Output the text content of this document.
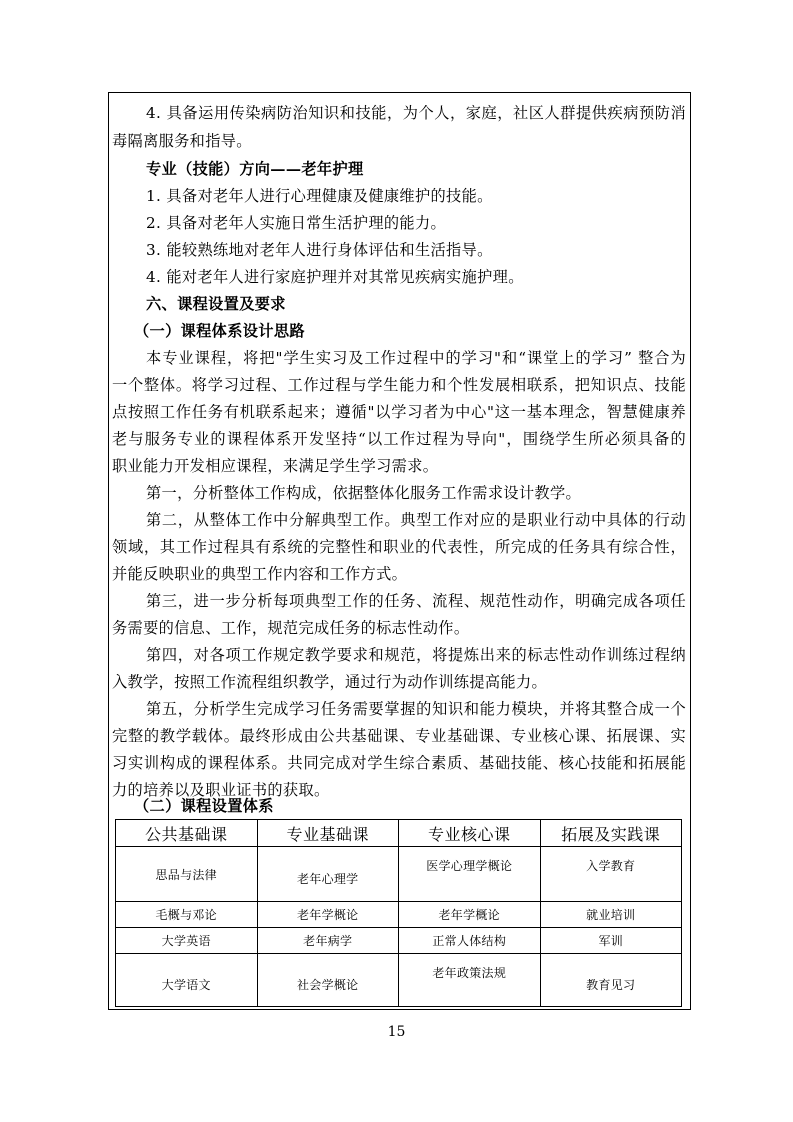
4. 具备运用传染病防治知识和技能，为个人，家庭，社区人群提供疾病预防消
毒隔离服务和指导。
专业（技能）方向——老年护理
1. 具备对老年人进行心理健康及健康维护的技能。
2. 具备对老年人实施日常生活护理的能力。
3. 能较熟练地对老年人进行身体评估和生活指导。
4. 能对老年人进行家庭护理并对其常见疾病实施护理。
六、课程设置及要求
（一）课程体系设计思路
本专业课程，将把"学生实习及工作过程中的学习"和“课堂上的学习” 整合为
一个整体。将学习过程、工作过程与学生能力和个性发展相联系，把知识点、技能
点按照工作任务有机联系起来；遵循"以学习者为中心"这一基本理念，智慧健康养
老与服务专业的课程体系开发坚持“以工作过程为导向"，围绕学生所必须具备的
职业能力开发相应课程，来满足学生学习需求。
第一，分析整体工作构成，依据整体化服务工作需求设计教学。
第二，从整体工作中分解典型工作。典型工作对应的是职业行动中具体的行动
领域，其工作过程具有系统的完整性和职业的代表性，所完成的任务具有综合性，
并能反映职业的典型工作内容和工作方式。
第三，进一步分析每项典型工作的任务、流程、规范性动作，明确完成各项任
务需要的信息、工作，规范完成任务的标志性动作。
第四，对各项工作规定教学要求和规范，将提炼出来的标志性动作训练过程纳
入教学，按照工作流程组织教学，通过行为动作训练提高能力。
第五，分析学生完成学习任务需要掌握的知识和能力模块，并将其整合成一个
完整的教学载体。最终形成由公共基础课、专业基础课、专业核心课、拓展课、实
习实训构成的课程体系。共同完成对学生综合素质、基础技能、核心技能和拓展能
力的培养以及职业证书的获取。
（二）课程设置体系
公共基础课	专业基础课	专业核心课	拓展及实践课
思品与法律	老年心理学	医学心理学概论	入学教育
毛概与邓论	老年学概论	老年学概论	就业培训
大学英语	老年病学	正常人体结构	军训
大学语文	社会学概论	老年政策法规	教育见习
15
